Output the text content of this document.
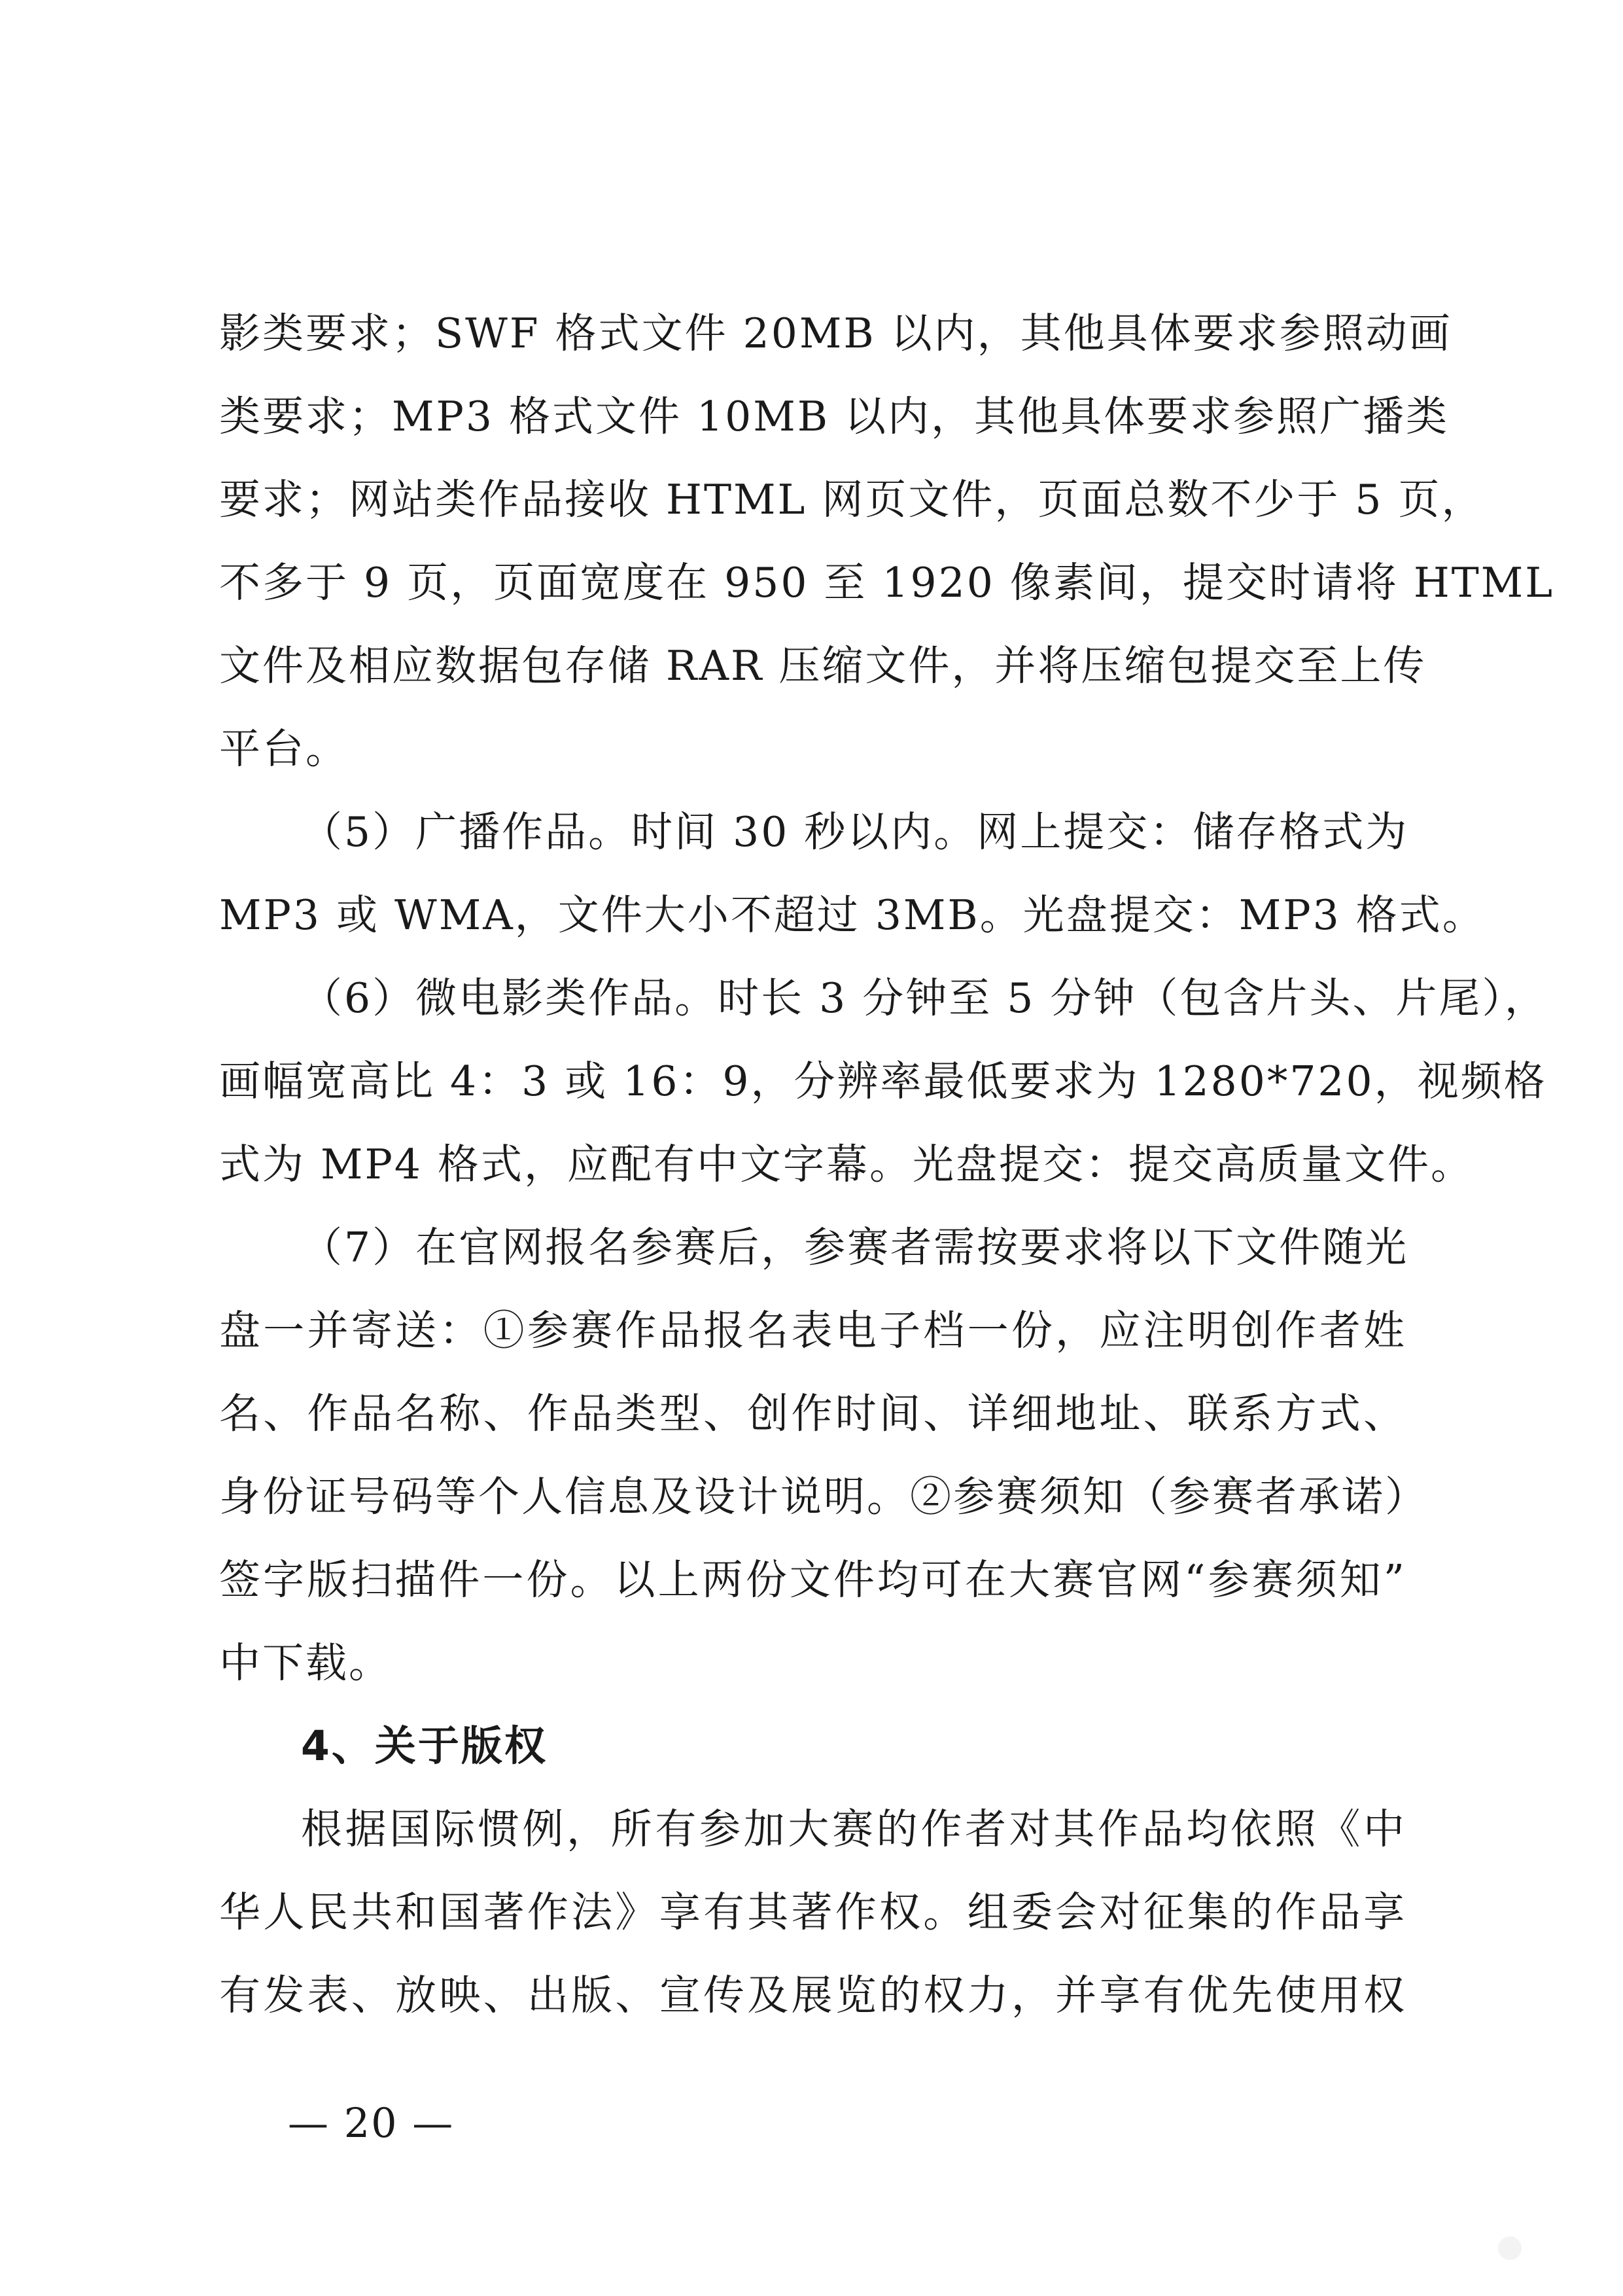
影类要求；SWF 格式文件 20MB 以内，其他具体要求参照动画
类要求；MP3 格式文件 10MB 以内，其他具体要求参照广播类
要求；网站类作品接收 HTML 网页文件，页面总数不少于 5 页，
不多于 9 页，页面宽度在 950 至 1920 像素间，提交时请将 HTML
文件及相应数据包存储 RAR 压缩文件，并将压缩包提交至上传
平台。
（5）广播作品。时间 30 秒以内。网上提交：储存格式为
MP3 或 WMA，文件大小不超过 3MB。光盘提交：MP3 格式。
（6）微电影类作品。时长 3 分钟至 5 分钟（包含片头、片尾），
画幅宽高比 4：3 或 16：9，分辨率最低要求为 1280*720，视频格
式为 MP4 格式，应配有中文字幕。光盘提交：提交高质量文件。
（7）在官网报名参赛后，参赛者需按要求将以下文件随光
盘一并寄送：①参赛作品报名表电子档一份，应注明创作者姓
名、作品名称、作品类型、创作时间、详细地址、联系方式、
身份证号码等个人信息及设计说明。②参赛须知（参赛者承诺）
签字版扫描件一份。以上两份文件均可在大赛官网“参赛须知”
中下载。
4、关于版权
根据国际惯例，所有参加大赛的作者对其作品均依照《中
华人民共和国著作法》享有其著作权。组委会对征集的作品享
有发表、放映、出版、宣传及展览的权力，并享有优先使用权
— 20 —
